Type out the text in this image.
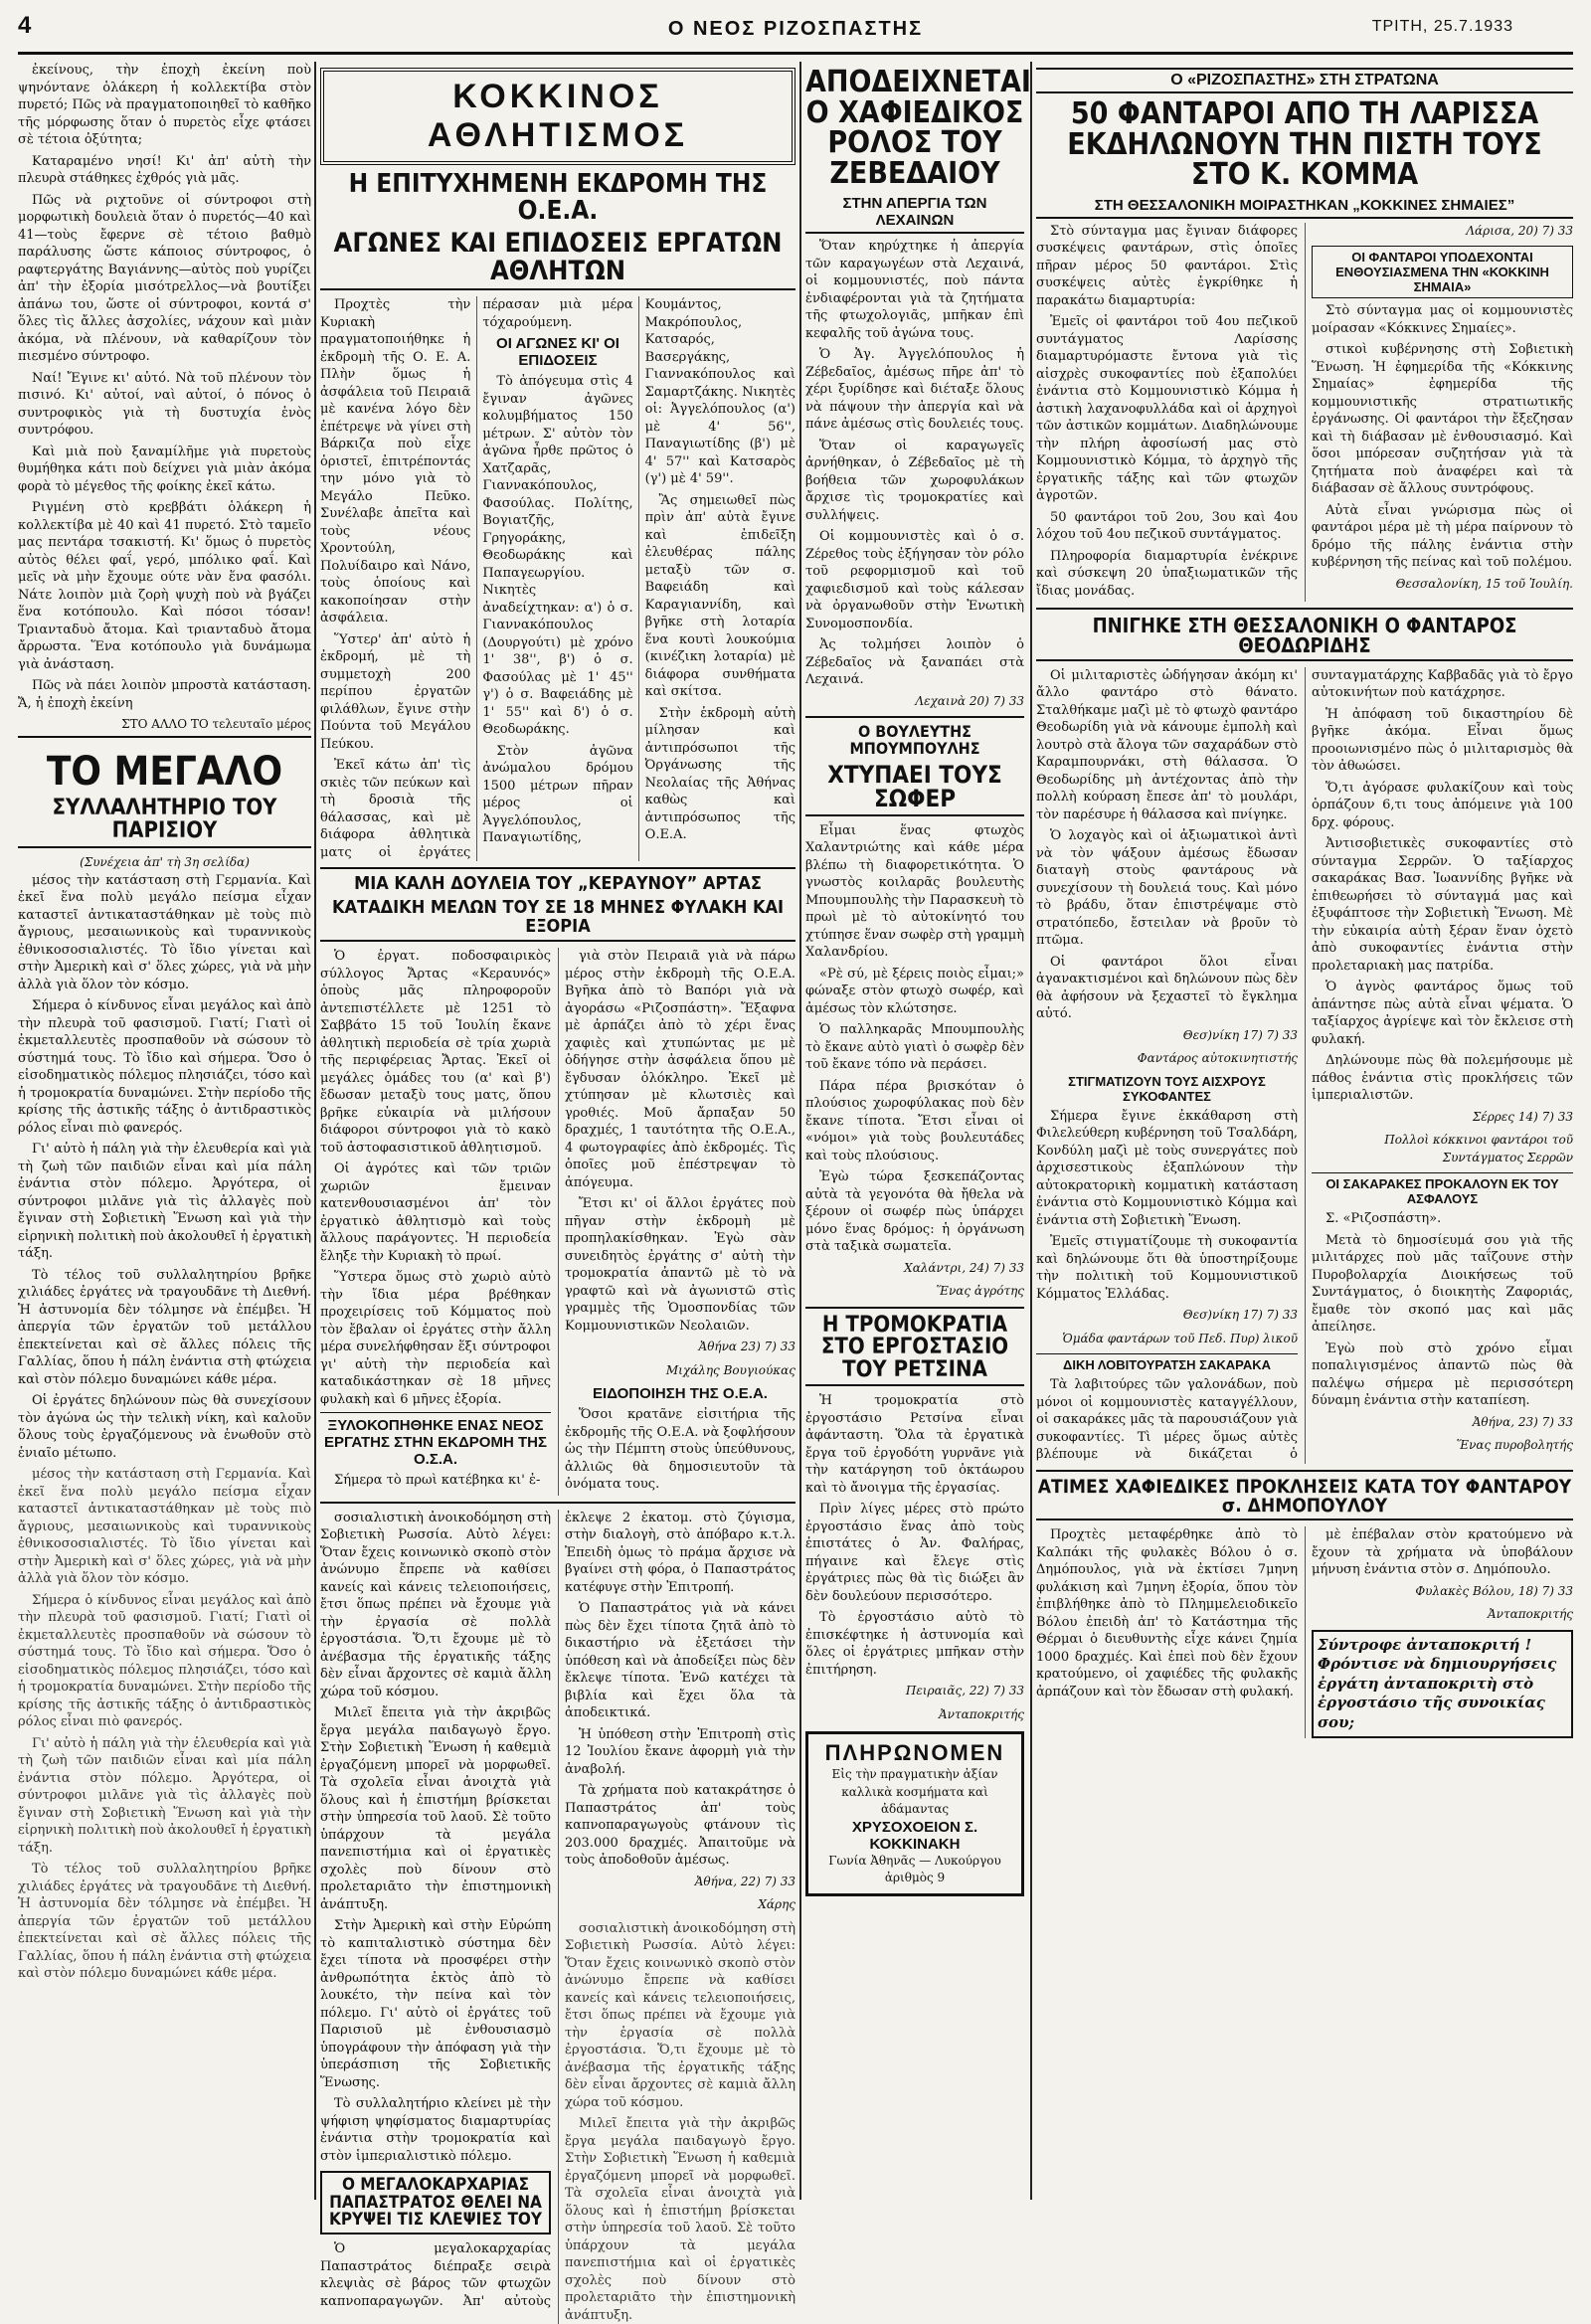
4	Ο ΝΕΟΣ ΡΙΖΟΣΠΑΣΤΗΣ	ΤΡΙΤΗ, 25.7.1933

ἐκείνους, τὴν ἐποχὴ ἐκείνη ποὺ ψηνόντανε ὁλάκερη ἡ κολλεκτίβα στὸν πυρετό; Πῶς νὰ πραγματοποιηθεῖ τὸ καθῆκο τῆς μόρφωσης ὅταν ὁ πυρετὸς εἶχε φτάσει σὲ τέτοια ὀξύτητα;

Καταραμένο νησί! Κι' ἀπ' αὐτὴ τὴν πλευρὰ στάθηκες ἐχθρός γιὰ μᾶς.

Πῶς νὰ ριχτοῦνε οἱ σύντροφοι στὴ μορφωτικὴ δουλειὰ ὅταν ὁ πυρετός—40 καὶ 41—τοὺς ἔφερνε σὲ τέτοιο βαθμὸ παράλυσης ὥστε κάποιος σύντροφος, ὁ ραφτεργάτης Βαγιάννης—αὐτὸς ποὺ γυρίζει ἀπ' τὴν ἐξορία μισότρελλος—νὰ βουτίξει ἀπάνω του, ὥστε οἱ σύντροφοι, κοντά σ' ὅλες τὶς ἄλλες ἀσχολίες, νάχουν καὶ μιὰν ἀκόμα, νὰ πλένουν, νὰ καθαρίζουν τὸν πιεσμένο σύντροφο.

Ναί! Ἔγινε κι' αὐτό. Νὰ τοῦ πλένουν τὸν πισινό. Κι' αὐτοί, ναὶ αὐτοί, ὁ πόνος ὁ συντροφικὸς γιὰ τὴ δυστυχία ἑνὸς συντρόφου.

Καὶ μιὰ ποὺ ξαναμίλῆμε γιὰ πυρετοὺς θυμήθηκα κάτι ποὺ δείχνει γιὰ μιὰν ἀκόμα φορὰ τὸ μέγεθος τῆς φοίκης ἐκεῖ κάτω.

Ριγμένη στὸ κρεββάτι ὁλάκερη ἡ κολλεκτίβα μὲ 40 καὶ 41 πυρετό. Στὸ ταμεῖο μας πεντάρα τσακιστή. Κι' ὅμως ὁ πυρετὸς αὐτὸς θέλει φαΐ, γερό, μπόλικο φαΐ. Καὶ μεῖς νὰ μὴν ἔχουμε ούτε νὰν ἕνα φασόλι. Νάτε λοιπὸν μιὰ ζορὴ ψυχὴ ποὺ νὰ βγάζει ἕνα κοτόπουλο. Καὶ πόσοι τόσαν! Τριανταδυὸ ἄτομα. Καὶ τριανταδυὸ ἄτομα ἄρρωστα. Ἕνα κοτόπουλο γιὰ δυνάμωμα γιὰ ἀνάσταση.

Πῶς νὰ πάει λοιπὸν μπροστὰ κατάσταση. Ἄ, ἡ ἐποχὴ ἐκείνη

ΣΤΟ ΑΛΛΟ ΤΟ τελευταῖο μέρος
ΤΟ ΜΕΓΑΛΟ
ΣΥΛΛΑΛΗΤΗΡΙΟ ΤΟΥ ΠΑΡΙΣΙΟΥ
(Συνέχεια ἀπ' τὴ 3η σελίδα)

μέσος τὴν κατάσταση στὴ Γερμανία. Καὶ ἐκεῖ ἕνα πολὺ μεγάλο πείσμα εἶχαν καταστεῖ ἀντικαταστάθηκαν μὲ τοὺς πιὸ ἄγριους, μεσαιωνικοὺς καὶ τυραννικοὺς ἐθνικοσοσιαλιστές. Τὸ ἴδιο γίνεται καὶ στὴν Ἀμερικὴ καὶ σ' ὅλες χώρες, γιὰ νὰ μὴν ἀλλὰ γιὰ ὅλον τὸν κόσμο.

Σήμερα ὁ κίνδυνος εἶναι μεγάλος καὶ ἀπὸ τὴν πλευρὰ τοῦ φασισμοῦ. Γιατί; Γιατὶ οἱ ἐκμεταλλευτὲς προσπαθοῦν νὰ σώσουν τὸ σύστημά τους. Τὸ ἴδιο καὶ σήμερα. Ὅσο ὁ εἰσοδηματικὸς πόλεμος πλησιάζει, τόσο καὶ ἡ τρομοκρατία δυναμώνει. Στὴν περίοδο τῆς κρίσης τῆς ἀστικῆς τάξης ὁ ἀντιδραστικὸς ρόλος εἶναι πιὸ φανερός.

Γι' αὐτὸ ἡ πάλη γιὰ τὴν ἐλευθερία καὶ γιὰ τὴ ζωὴ τῶν παιδιῶν εἶναι καὶ μία πάλη ἐνάντια στὸν πόλεμο. Ἀργότερα, οἱ σύντροφοι μιλᾶνε γιὰ τὶς ἀλλαγὲς ποὺ ἔγιναν στὴ Σοβιετικὴ Ἕνωση καὶ γιὰ τὴν εἰρηνικὴ πολιτικὴ ποὺ ἀκολουθεῖ ἡ ἐργατικὴ τάξη.

Τὸ τέλος τοῦ συλλαλητηρίου βρῆκε χιλιάδες ἐργάτες νὰ τραγουδᾶνε τὴ Διεθνή. Ἡ ἀστυνομία δὲν τόλμησε νὰ ἐπέμβει. Ἡ ἀπεργία τῶν ἐργατῶν τοῦ μετάλλου ἐπεκτείνεται καὶ σὲ ἄλλες πόλεις τῆς Γαλλίας, ὅπου ἡ πάλη ἐνάντια στὴ φτώχεια καὶ στὸν πόλεμο δυναμώνει κάθε μέρα.

Οἱ ἐργάτες δηλώνουν πὼς θὰ συνεχίσουν τὸν ἀγώνα ὡς τὴν τελικὴ νίκη, καὶ καλοῦν ὅλους τοὺς ἐργαζόμενους νὰ ἑνωθοῦν στὸ ἑνιαῖο μέτωπο.

μέσος τὴν κατάσταση στὴ Γερμανία. Καὶ ἐκεῖ ἕνα πολὺ μεγάλο πείσμα εἶχαν καταστεῖ ἀντικαταστάθηκαν μὲ τοὺς πιὸ ἄγριους, μεσαιωνικοὺς καὶ τυραννικοὺς ἐθνικοσοσιαλιστές. Τὸ ἴδιο γίνεται καὶ στὴν Ἀμερικὴ καὶ σ' ὅλες χώρες, γιὰ νὰ μὴν ἀλλὰ γιὰ ὅλον τὸν κόσμο.

Σήμερα ὁ κίνδυνος εἶναι μεγάλος καὶ ἀπὸ τὴν πλευρὰ τοῦ φασισμοῦ. Γιατί; Γιατὶ οἱ ἐκμεταλλευτὲς προσπαθοῦν νὰ σώσουν τὸ σύστημά τους. Τὸ ἴδιο καὶ σήμερα. Ὅσο ὁ εἰσοδηματικὸς πόλεμος πλησιάζει, τόσο καὶ ἡ τρομοκρατία δυναμώνει. Στὴν περίοδο τῆς κρίσης τῆς ἀστικῆς τάξης ὁ ἀντιδραστικὸς ρόλος εἶναι πιὸ φανερός.

Γι' αὐτὸ ἡ πάλη γιὰ τὴν ἐλευθερία καὶ γιὰ τὴ ζωὴ τῶν παιδιῶν εἶναι καὶ μία πάλη ἐνάντια στὸν πόλεμο. Ἀργότερα, οἱ σύντροφοι μιλᾶνε γιὰ τὶς ἀλλαγὲς ποὺ ἔγιναν στὴ Σοβιετικὴ Ἕνωση καὶ γιὰ τὴν εἰρηνικὴ πολιτικὴ ποὺ ἀκολουθεῖ ἡ ἐργατικὴ τάξη.

Τὸ τέλος τοῦ συλλαλητηρίου βρῆκε χιλιάδες ἐργάτες νὰ τραγουδᾶνε τὴ Διεθνή. Ἡ ἀστυνομία δὲν τόλμησε νὰ ἐπέμβει. Ἡ ἀπεργία τῶν ἐργατῶν τοῦ μετάλλου ἐπεκτείνεται καὶ σὲ ἄλλες πόλεις τῆς Γαλλίας, ὅπου ἡ πάλη ἐνάντια στὴ φτώχεια καὶ στὸν πόλεμο δυναμώνει κάθε μέρα.

ΚΟΚΚΙΝΟΣ
ΑΘΛΗΤΙΣΜΟΣ
Η ΕΠΙΤΥΧΗΜΕΝΗ ΕΚΔΡΟΜΗ ΤΗΣ Ο.Ε.Α.
ΑΓΩΝΕΣ ΚΑΙ ΕΠΙΔΟΣΕΙΣ ΕΡΓΑΤΩΝ ΑΘΛΗΤΩΝ

Προχτὲς τὴν Κυριακὴ πραγματοποιήθηκε ἡ ἐκδρομὴ τῆς Ο. Ε. Α. Πλὴν ὅμως ἡ ἀσφάλεια τοῦ Πειραιᾶ μὲ κανένα λόγο δὲν ἐπέτρεψε νὰ γίνει στὴ Βάρκιζα ποὺ εἶχε ὁριστεῖ, ἐπιτρέποντάς την μόνο γιὰ τὸ Μεγάλο Πεῦκο. Συνέλαβε ἀπεῖτα καὶ τοὺς νέους Χροντούλη, Πολυίδαιρο καὶ Νάνο, τοὺς ὁποίους καὶ κακοποίησαν στὴν ἀσφάλεια.

Ὕστερ' ἀπ' αὐτὸ ἡ ἐκδρομή, μὲ τὴ συμμετοχὴ 200 περίπου ἐργατῶν φιλάθλων, ἔγινε στὴν Πούντα τοῦ Μεγάλου Πεύκου.

Ἐκεῖ κάτω ἀπ' τὶς σκιὲς τῶν πεύκων καὶ τὴ δροσιὰ τῆς θάλασσας, καὶ μὲ διάφορα ἀθλητικὰ ματς οἱ ἐργάτες πέρασαν μιὰ μέρα τόχαρούμενη.

ΟΙ ΑΓΩΝΕΣ ΚΙ' ΟΙ ΕΠΙΔΟΣΕΙΣ

Τὸ ἀπόγευμα στὶς 4 ἔγιναν ἀγῶνες κολυμβήματος 150 μέτρων. Σ' αὐτὸν τὸν ἀγῶνα ἦρθε πρῶτος ὁ Χατζαρᾶς, Γιαννακόπουλος, Φασούλας. Πολίτης, Βογιατζῆς, Γρηγοράκης, Θεοδωράκης καὶ Παπαγεωργίου. Νικητὲς ἀναδείχτηκαν: α') ὁ σ. Γιαννακόπουλος (Δουργούτι) μὲ χρόνο 1' 38'', β') ὁ σ. Φασούλας μὲ 1' 45'' γ') ὁ σ. Βαφειάδης μὲ 1' 55'' καὶ δ') ὁ σ. Θεοδωράκης.

Στὸν ἀγῶνα ἀνώμαλου δρόμου 1500 μέτρων πῆραν μέρος οἱ Ἀγγελόπουλος, Παναγιωτίδης, Κουμάντος, Μακρόπουλος, Κατσαρός, Βασεργάκης, Γιαννακόπουλος καὶ Σαμαρτζάκης. Νικητὲς οἱ: Ἀγγελόπουλος (α') μὲ 4' 56'', Παναγιωτίδης (β') μὲ 4' 57'' καὶ Κατσαρὸς (γ') μὲ 4' 59''.

Ἂς σημειωθεῖ πὼς πρὶν ἀπ' αὐτὰ ἔγινε καὶ ἐπιδεῖξη ἐλευθέρας πάλης μεταξὺ τῶν σ. Βαφειάδη καὶ Καραγιαννίδη, καὶ βγῆκε στὴ λοταρία ἕνα κουτὶ λουκούμια (κινέζικη λοταρία) μὲ διάφορα συνθήματα καὶ σκίτσα.

Στὴν ἐκδρομὴ αὐτὴ μίλησαν καὶ ἀντιπρόσωποι τῆς Ὀργάνωσης τῆς Νεολαίας τῆς Ἀθήνας καθὼς καὶ ἀντιπρόσωπος τῆς Ο.Ε.Α.

ΜΙΑ ΚΑΛΗ ΔΟΥΛΕΙΑ ΤΟΥ „ΚΕΡΑΥΝΟΥ” ΑΡΤΑΣ
ΚΑΤΑΔΙΚΗ ΜΕΛΩΝ ΤΟΥ ΣΕ 18 ΜΗΝΕΣ ΦΥΛΑΚΗ ΚΑΙ ΕΞΟΡΙΑ

Ὁ ἐργατ. ποδοσφαιρικὸς σύλλογος Ἄρτας «Κεραυνός» ὁποὺς μᾶς πληροφοροῦν ἀντεπιστέλλετε μὲ 1251 τὸ Σαββάτο 15 τοῦ Ἰουλίη ἔκανε ἀθλητικὴ περιοδεία σὲ τρία χωριὰ τῆς περιφέρειας Ἄρτας. Ἐκεῖ οἱ μεγάλες ὁμάδες του (α' καὶ β') ἔδωσαν μεταξὺ τους ματς, ὅπου βρῆκε εὐκαιρία νὰ μιλήσουν διάφοροι σύντροφοι γιὰ τὸ κακὸ τοῦ ἀστοφασιστικοῦ ἀθλητισμοῦ.

Οἱ ἀγρότες καὶ τῶν τριῶν χωριῶν ἔμειναν κατενθουσιασμένοι ἀπ' τὸν ἐργατικὸ ἀθλητισμὸ καὶ τοὺς ἄλλους παράγοντες. Ἡ περιοδεία ἔληξε τὴν Κυριακὴ τὸ πρωί.

Ὕστερα ὅμως στὸ χωριὸ αὐτὸ τὴν ἴδια μέρα βρέθηκαν προχειρίσεις τοῦ Κόμματος ποὺ τὸν ἔβαλαν οἱ ἐργάτες στὴν ἄλλη μέρα συνελήφθησαν ἕξι σύντροφοι γι' αὐτὴ τὴν περιοδεία καὶ καταδικάστηκαν σὲ 18 μῆνες φυλακὴ καὶ 6 μῆνες ἐξορία.

ΞΥΛΟΚΟΠΗΘΗΚΕ ΕΝΑΣ ΝΕΟΣ ΕΡΓΑΤΗΣ ΣΤΗΝ ΕΚΔΡΟΜΗ ΤΗΣ Ο.Σ.Α.

Σήμερα τὸ πρωὶ κατέβηκα κι' ἐ-

γιὰ στὸν Πειραιᾶ γιὰ νὰ πάρω μέρος στὴν ἐκδρομὴ τῆς Ο.Ε.Α. Βγῆκα ἀπὸ τὸ Βαπόρι γιὰ νὰ ἀγοράσω «Ριζοσπάστη». Ἔξαφνα μὲ ἁρπάζει ἀπὸ τὸ χέρι ἕνας χαφιὲς καὶ χτυπώντας με μὲ ὁδήγησε στὴν ἀσφάλεια ὅπου μὲ ἔγδυσαν ὁλόκληρο. Ἐκεῖ μὲ χτύπησαν μὲ κλωτσιὲς καὶ γροθιές. Μοῦ ἄρπαξαν 50 δραχμές, 1 ταυτότητα τῆς Ο.Ε.Α., 4 φωτογραφίες ἀπὸ ἐκδρομές. Τὶς ὁποῖες μοῦ ἐπέστρεψαν τὸ ἀπόγευμα.

Ἔτσι κι' οἱ ἄλλοι ἐργάτες ποὺ πῆγαν στὴν ἐκδρομὴ μὲ προπηλακίσθηκαν. Ἐγὼ σὰν συνειδητὸς ἐργάτης σ' αὐτὴ τὴν τρομοκρατία ἀπαντῶ μὲ τὸ νὰ γραφτῶ καὶ νὰ ἀγωνιστῶ στὶς γραμμὲς τῆς Ὁμοσπονδίας τῶν Κομμουνιστικῶν Νεολαιῶν.

Ἀθήνα 23) 7) 33
Μιχάλης Βουγιούκας
ΕΙΔΟΠΟΙΗΣΗ ΤΗΣ Ο.Ε.Α.

Ὅσοι κρατᾶνε εἰσιτήρια τῆς ἐκδρομῆς τῆς Ο.Ε.Α. νὰ ξοφλήσουν ὡς τὴν Πέμπτη στοὺς ὑπεύθυνους, ἀλλιῶς θὰ δημοσιευτοῦν τὰ ὀνόματα τους.

σοσιαλιστικὴ ἀνοικοδόμηση στὴ Σοβιετικὴ Ρωσσία. Αὐτὸ λέγει: Ὅταν ἔχεις κοινωνικὸ σκοπὸ στὸν ἀνώνυμο ἔπρεπε νὰ καθίσει κανείς καὶ κάνεις τελειοποιήσεις, ἔτσι ὅπως πρέπει νὰ ἔχουμε γιὰ τὴν ἐργασία σὲ πολλὰ ἐργοστάσια. Ὅ,τι ἔχουμε μὲ τὸ ἀνέβασμα τῆς ἐργατικῆς τάξης δὲν εἶναι ἄρχοντες σὲ καμιὰ ἄλλη χώρα τοῦ κόσμου.

Μιλεῖ ἔπειτα γιὰ τὴν ἀκριβῶς ἔργα μεγάλα παιδαγωγὸ ἔργο. Στὴν Σοβιετικὴ Ἕνωση ἡ καθεμιὰ ἐργαζόμενη μπορεῖ νὰ μορφωθεῖ. Τὰ σχολεῖα εἶναι ἀνοιχτὰ γιὰ ὅλους καὶ ἡ ἐπιστήμη βρίσκεται στὴν ὑπηρεσία τοῦ λαοῦ. Σὲ τοῦτο ὑπάρχουν τὰ μεγάλα πανεπιστήμια καὶ οἱ ἐργατικὲς σχολὲς ποὺ δίνουν στὸ προλεταριᾶτο τὴν ἐπιστημονικὴ ἀνάπτυξη.

Στὴν Ἀμερικὴ καὶ στὴν Εὐρώπη τὸ καπιταλιστικὸ σύστημα δὲν ἔχει τίποτα νὰ προσφέρει στὴν ἀνθρωπότητα ἐκτὸς ἀπὸ τὸ λουκέτο, τὴν πείνα καὶ τὸν πόλεμο. Γι' αὐτὸ οἱ ἐργάτες τοῦ Παρισιοῦ μὲ ἐνθουσιασμὸ ὑπογράφουν τὴν ἀπόφαση γιὰ τὴν ὑπεράσπιση τῆς Σοβιετικῆς Ἕνωσης.

Τὸ συλλαλητήριο κλείνει μὲ τὴν ψήφιση ψηφίσματος διαμαρτυρίας ἐνάντια στὴν τρομοκρατία καὶ στὸν ἱμπεριαλιστικὸ πόλεμο.

Ο ΜΕΓΑΛΟΚΑΡΧΑΡΙΑΣ ΠΑΠΑΣΤΡΑΤΟΣ ΘΕΛΕΙ ΝΑ ΚΡΥΨΕΙ ΤΙΣ ΚΛΕΨΙΕΣ ΤΟΥ

Ὁ μεγαλοκαρχαρίας Παπαστράτος διέπραξε σειρὰ κλεψιὰς σὲ βάρος τῶν φτωχῶν καπνοπαραγωγῶν. Ἀπ' αὐτοὺς ἐκλεψε 2 ἐκατομ. στὸ ζύγισμα, στὴν διαλογὴ, στὸ ἀπόβαρο κ.τ.λ. Ἐπειδὴ ὁμως τὸ πράμα ἄρχισε νὰ βγαίνει στὴ φόρα, ὁ Παπαστράτος κατέφυγε στὴν Ἐπιτροπή.

Ὁ Παπαστράτος γιὰ νὰ κάνει πὼς δὲν ἔχει τίποτα ζητᾶ ἀπὸ τὸ δικαστήριο νὰ ἐξετάσει τὴν ὑπόθεση καὶ νὰ ἀποδείξει πὼς δὲν ἔκλεψε τίποτα. Ἐνῶ κατέχει τὰ βιβλία καὶ ἔχει ὅλα τὰ ἀποδεικτικά.

Ἡ ὑπόθεση στὴν Ἐπιτροπὴ στὶς 12 Ἰουλίου ἔκανε ἀφορμὴ γιὰ τὴν ἀναβολή.

Τὰ χρήματα ποὺ κατακράτησε ὁ Παπαστράτος ἀπ' τοὺς καπνοπαραγωγοὺς φτάνουν τὶς 203.000 δραχμές. Ἀπαιτοῦμε νὰ τοὺς ἀποδοθοῦν ἀμέσως.

Ἀθήνα, 22) 7) 33
Χάρης

σοσιαλιστικὴ ἀνοικοδόμηση στὴ Σοβιετικὴ Ρωσσία. Αὐτὸ λέγει: Ὅταν ἔχεις κοινωνικὸ σκοπὸ στὸν ἀνώνυμο ἔπρεπε νὰ καθίσει κανείς καὶ κάνεις τελειοποιήσεις, ἔτσι ὅπως πρέπει νὰ ἔχουμε γιὰ τὴν ἐργασία σὲ πολλὰ ἐργοστάσια. Ὅ,τι ἔχουμε μὲ τὸ ἀνέβασμα τῆς ἐργατικῆς τάξης δὲν εἶναι ἄρχοντες σὲ καμιὰ ἄλλη χώρα τοῦ κόσμου.

Μιλεῖ ἔπειτα γιὰ τὴν ἀκριβῶς ἔργα μεγάλα παιδαγωγὸ ἔργο. Στὴν Σοβιετικὴ Ἕνωση ἡ καθεμιὰ ἐργαζόμενη μπορεῖ νὰ μορφωθεῖ. Τὰ σχολεῖα εἶναι ἀνοιχτὰ γιὰ ὅλους καὶ ἡ ἐπιστήμη βρίσκεται στὴν ὑπηρεσία τοῦ λαοῦ. Σὲ τοῦτο ὑπάρχουν τὰ μεγάλα πανεπιστήμια καὶ οἱ ἐργατικὲς σχολὲς ποὺ δίνουν στὸ προλεταριᾶτο τὴν ἐπιστημονικὴ ἀνάπτυξη.

ΑΠΟΔΕΙΧΝΕΤΑΙ Ο ΧΑΦΙΕΔΙΚΟΣ ΡΟΛΟΣ ΤΟΥ ΖΕΒΕΔΑΙΟΥ
ΣΤΗΝ ΑΠΕΡΓΙΑ ΤΩΝ ΛΕΧΑΙΝΩΝ

Ὅταν κηρύχτηκε ἡ ἀπεργία τῶν καραγωγέων στὰ Λεχαινά, οἱ κομμουνιστές, ποὺ πάντα ἐνδιαφέρονται γιὰ τὰ ζητήματα τῆς φτωχολογιᾶς, μπῆκαν ἐπὶ κεφαλῆς τοῦ ἀγώνα τους.

Ὁ Ἀγ. Ἀγγελόπουλος ἡ Ζέβεδαῖος, ἀμέσως πῆρε ἀπ' τὸ χέρι ξυρίδησε καὶ διέταξε ὅλους νὰ πάψουν τὴν ἀπεργία καὶ νὰ πάνε ἀμέσως στὶς δουλειές τους.

Ὅταν οἱ καραγωγεῖς ἀρνήθηκαν, ὁ Ζέβεδαῖος μὲ τὴ βοήθεια τῶν χωροφυλάκων ἄρχισε τὶς τρομοκρατίες καὶ συλλήψεις.

Οἱ κομμουνιστὲς καὶ ὁ σ. Ζέρεθος τοὺς ἐξήγησαν τὸν ρόλο τοῦ ρεφορμισμοῦ καὶ τοῦ χαφιεδισμοῦ καὶ τοὺς κάλεσαν νὰ ὀργανωθοῦν στὴν Ἑνωτικὴ Συνομοσπονδία.

Ἀς τολμήσει λοιπὸν ὁ Ζέβεδαῖος νὰ ξαναπάει στὰ Λεχαινά.

Λεχαινὰ 20) 7) 33
Ο ΒΟΥΛΕΥΤΗΣ ΜΠΟΥΜΠΟΥΛΗΣ
ΧΤΥΠΑΕΙ ΤΟΥΣ ΣΩΦΕΡ

Εἶμαι ἕνας φτωχὸς Χαλαντριώτης καὶ κάθε μέρα βλέπω τὴ διαφορετικότητα. Ὁ γνωστὸς κοιλαρᾶς βουλευτὴς Μπουμπουλὴς τὴν Παρασκευὴ τὸ πρωὶ μὲ τὸ αὐτοκίνητό του χτύπησε ἕναν σωφὲρ στὴ γραμμὴ Χαλανδρίου.

«Ρὲ σύ, μὲ ξέρεις ποιὸς εἶμαι;» φώναξε στὸν φτωχὸ σωφέρ, καὶ ἀμέσως τὸν κλώτσησε.

Ὁ παλληκαρᾶς Μπουμπουλὴς τὸ ἔκανε αὐτὸ γιατὶ ὁ σωφὲρ δὲν τοῦ ἔκανε τόπο νὰ περάσει.

Πάρα πέρα βρισκόταν ὁ πλούσιος χωροφύλακας ποὺ δὲν ἔκανε τίποτα. Ἔτσι εἶναι οἱ «νόμοι» γιὰ τοὺς βουλευτάδες καὶ τοὺς πλούσιους.

Ἐγὼ τώρα ξεσκεπάζοντας αὐτὰ τὰ γεγονότα θὰ ἤθελα νὰ ξέρουν οἱ σωφέρ πὼς ὑπάρχει μόνο ἕνας δρόμος: ἡ ὀργάνωση στὰ ταξικὰ σωματεῖα.

Χαλάντρι, 24) 7) 33
Ἕνας ἀγρότης
Η ΤΡΟΜΟΚΡΑΤΙΑ ΣΤΟ ΕΡΓΟΣΤΑΣΙΟ ΤΟΥ ΡΕΤΣΙΝΑ

Ἡ τρομοκρατία στὸ ἐργοστάσιο Ρετσίνα εἶναι ἀφάνταστη. Ὅλα τὰ ἐργατικὰ ἔργα τοῦ ἐργοδότη γυρνᾶνε γιὰ τὴν κατάργηση τοῦ ὀκτάωρου καὶ τὸ ἄνοιγμα τῆς ἐργασίας.

Πρὶν λίγες μέρες στὸ πρώτο ἐργοστάσιο ἕνας ἀπὸ τοὺς ἐπιστάτες ὁ Ἀν. Φαλήρας, πήγαινε καὶ ἔλεγε στὶς ἐργάτριες πὼς θὰ τὶς διώξει ἂν δὲν δουλεύουν περισσότερο.

Τὸ ἐργοστάσιο αὐτὸ τὸ ἐπισκέφτηκε ἡ ἀστυνομία καὶ ὅλες οἱ ἐργάτριες μπῆκαν στὴν ἐπιτήρηση.

Πειραιᾶς, 22) 7) 33
Ἀνταποκριτής
ΠΛΗΡΩΝΟΜΕΝ
Εἰς τὴν πραγματικὴν ἀξίαν καλλικὰ κοσμήματα καὶ ἀδάμαντας
ΧΡΥΣΟΧΟΕΙΟΝ Σ. ΚΟΚΚΙΝΑΚΗ
Γωνία Ἀθηνᾶς — Λυκούργου ἀριθμὸς 9
Ο «ΡΙΖΟΣΠΑΣΤΗΣ» ΣΤΗ ΣΤΡΑΤΩΝΑ
50 ΦΑΝΤΑΡΟΙ ΑΠΟ ΤΗ ΛΑΡΙΣΣΑ ΕΚΔΗΛΩΝΟΥΝ ΤΗΝ ΠΙΣΤΗ ΤΟΥΣ ΣΤΟ Κ. ΚΟΜΜΑ
ΣΤΗ ΘΕΣΣΑΛΟΝΙΚΗ ΜΟΙΡΑΣΤΗΚΑΝ „ΚΟΚΚΙΝΕΣ ΣΗΜΑΙΕΣ”

Στὸ σύνταγμα μας ἔγιναν διάφορες συσκέψεις φαντάρων, στὶς ὁποῖες πῆραν μέρος 50 φαντάροι. Στὶς συσκέψεις αὐτὲς ἐγκρίθηκε ἡ παρακάτω διαμαρτυρία:

Ἐμεῖς οἱ φαντάροι τοῦ 4ου πεζικοῦ συντάγματος Λαρίσσης διαμαρτυρόμαστε ἔντονα γιὰ τὶς αἰσχρὲς συκοφαντίες ποὺ ἐξαπολύει ἐνάντια στὸ Κομμουνιστικὸ Κόμμα ἡ ἀστικὴ λαχανοφυλλάδα καὶ οἱ ἀρχηγοὶ τῶν ἀστικῶν κομμάτων. Διαδηλώνουμε τὴν πλήρη ἀφοσίωσή μας στὸ Κομμουνιστικὸ Κόμμα, τὸ ἀρχηγὸ τῆς ἐργατικῆς τάξης καὶ τῶν φτωχῶν ἀγροτῶν.

50 φαντάροι τοῦ 2ου, 3ου καὶ 4ου λόχου τοῦ 4ου πεζικοῦ συντάγματος.

Πληροφορία διαμαρτυρία ἐνέκρινε καὶ σύσκεψη 20 ὑπαξιωματικῶν τῆς ἴδιας μονάδας.

Λάρισα, 20) 7) 33
ΟΙ ΦΑΝΤΑΡΟΙ ΥΠΟΔΕΧΟΝΤΑΙ ΕΝΘΟΥΣΙΑΣΜΕΝΑ ΤΗΝ «ΚΟΚΚΙΝΗ ΣΗΜΑΙΑ»

Στὸ σύνταγμα μας οἱ κομμουνιστὲς μοίρασαν «Κόκκινες Σημαίες».

στικοὶ κυβέρνησης στὴ Σοβιετικὴ Ἕνωση. Ἡ ἐφημερίδα τῆς «Κόκκινης Σημαίας» ἐφημερίδα τῆς κομμουνιστικῆς στρατιωτικῆς ἐργάνωσης. Οἱ φαντάροι τὴν ἔξεζησαν καὶ τὴ διάβασαν μὲ ἐνθουσιασμό. Καὶ ὅσοι μπόρεσαν συζητήσαν γιὰ τὰ ζητήματα ποὺ ἀναφέρει καὶ τὰ διάβασαν σὲ ἄλλους συντρόφους.

Αὐτὰ εἶναι γνώρισμα πὼς οἱ φαντάροι μέρα μὲ τὴ μέρα παίρνουν τὸ δρόμο τῆς πάλης ἐνάντια στὴν κυβέρνηση τῆς πείνας καὶ τοῦ πολέμου.

Θεσσαλονίκη, 15 τοῦ Ἰουλίη.
ΠΝΙΓΗΚΕ ΣΤΗ ΘΕΣΣΑΛΟΝΙΚΗ Ο ΦΑΝΤΑΡΟΣ ΘΕΟΔΩΡΙΔΗΣ

Οἱ μιλιταριστὲς ὡδήγησαν ἀκόμη κι' ἄλλο φαντάρο στὸ θάνατο. Σταλθήκαμε μαζὶ μὲ τὸ φτωχὸ φαντάρο Θεοδωρίδη γιὰ νὰ κάνουμε ἐμπολὴ καὶ λουτρὸ στὰ ἄλογα τῶν σαχαράδων στὸ Καραμπουρνάκι, στὴ θάλασσα. Ὁ Θεοδωρίδης μὴ ἀντέχοντας ἀπὸ τὴν πολλὴ κούραση ἔπεσε ἀπ' τὸ μουλάρι, τὸν παρέσυρε ἡ θάλασσα καὶ πνίγηκε.

Ὁ λοχαγὸς καὶ οἱ ἀξιωματικοὶ ἀντὶ νὰ τὸν ψάξουν ἀμέσως ἔδωσαν διαταγὴ στοὺς φαντάρους νὰ συνεχίσουν τὴ δουλειά τους. Καὶ μόνο τὸ βράδυ, ὅταν ἐπιστρέψαμε στὸ στρατόπεδο, ἔστειλαν νὰ βροῦν τὸ πτῶμα.

Οἱ φαντάροι ὅλοι εἶναι ἀγανακτισμένοι καὶ δηλώνουν πὼς δὲν θὰ ἀφήσουν νὰ ξεχαστεῖ τὸ ἔγκλημα αὐτό.

Θεσ)νίκη 17) 7) 33
Φαντάρος αὐτοκινητιστής
ΣΤΙΓΜΑΤΙΖΟΥΝ ΤΟΥΣ ΑΙΣΧΡΟΥΣ ΣΥΚΟΦΑΝΤΕΣ

Σήμερα ἔγινε ἐκκάθαρση στὴ Φιλελεύθερη κυβέρνηση τοῦ Τσαλδάρη, Κονδύλη μαζὶ μὲ τοὺς συνεργάτες ποὺ ἀρχισεστικοὺς ἐξαπλώνουν τὴν αὐτοκρατορικὴ κομματικὴ κατάσταση ἐνάντια στὸ Κομμουνιστικὸ Κόμμα καὶ ἐνάντια στὴ Σοβιετικὴ Ἕνωση.

Ἐμεῖς στιγματίζουμε τὴ συκοφαντία καὶ δηλώνουμε ὅτι θὰ ὑποστηρίξουμε τὴν πολιτικὴ τοῦ Κομμουνιστικοῦ Κόμματος Ἑλλάδας.

Θεσ)νίκη 17) 7) 33
Ὁμάδα φαντάρων τοῦ Πεδ. Πυρ) λικοῦ
ΔΙΚΗ ΛΟΒΙΤΟΥΡΑΤΣΗ ΣΑΚΑΡΑΚΑ

Τὰ λαβιτούρες τῶν γαλονάδων, ποὺ μόνοι οἱ κομμουνιστὲς καταγγέλλουν, οἱ σακαράκες μᾶς τὰ παρουσιάζουν γιὰ συκοφαντίες. Τὶ μέρες ὅμως αὐτὲς βλέπουμε νὰ δικάζεται ὁ συνταγματάρχης Καββαδᾶς γιὰ τὸ ἔργο αὐτοκινήτων ποὺ κατάχρησε.

Ἡ ἀπόφαση τοῦ δικαστηρίου δὲ βγῆκε ἀκόμα. Εἶναι ὅμως προοιωνισμένο πὼς ὁ μιλιταρισμὸς θὰ τὸν ἀθωώσει.

Ὅ,τι ἀγόρασε φυλακίζουν καὶ τοὺς ὁρπάζουν 6,τι τους ἀπόμεινε γιὰ 100 δρχ. φόρους.

Ἀντισοβιετικὲς συκοφαντίες στὸ σύνταγμα Σερρῶν. Ὁ ταξίαρχος σακαράκας Βασ. Ἰωαννίδης βγῆκε νὰ ἐπιθεωρήσει τὸ σύνταγμά μας καὶ ἐξυφάπτοσε τὴν Σοβιετικὴ Ἕνωση. Μὲ τὴν εὐκαιρία αὐτὴ ξέραν ἕναν ὀχετὸ ἀπὸ συκοφαντίες ἐνάντια στὴν προλεταριακὴ μας πατρίδα.

Ὁ ἀγνὸς φαντάρος ὅμως τοῦ ἀπάντησε πὼς αὐτὰ εἶναι ψέματα. Ὁ ταξίαρχος ἀγρίεψε καὶ τὸν ἔκλεισε στὴ φυλακή.

Δηλώνουμε πὼς θὰ πολεμήσουμε μὲ πάθος ἐνάντια στὶς προκλήσεις τῶν ἱμπεριαλιστῶν.

Σέρρες 14) 7) 33
Πολλοὶ κόκκινοι φαντάροι τοῦ Συντάγματος Σερρῶν
ΟΙ ΣΑΚΑΡΑΚΕΣ ΠΡΟΚΑΛΟΥΝ ΕΚ ΤΟΥ ΑΣΦΑΛΟΥΣ

Σ. «Ριζοσπάστη».

Μετὰ τὸ δημοσίευμά σου γιὰ τῆς μιλιτάρχες ποὺ μᾶς ταΐζουνε στὴν Πυροβολαρχία Διοικήσεως τοῦ Συντάγματος, ὁ διοικητὴς Ζαφοριάς, ἔμαθε τὸν σκοπό μας καὶ μᾶς ἀπείλησε.

Ἐγὼ ποὺ στὸ χρόνο εἶμαι ποπαλιγισμένος ἀπαντῶ πὼς θὰ παλέψω σήμερα μὲ περισσότερη δύναμη ἐνάντια στὴν καταπίεση.

Ἀθήνα, 23) 7) 33
Ἕνας πυροβολητής
ΑΤΙΜΕΣ ΧΑΦΙΕΔΙΚΕΣ ΠΡΟΚΛΗΣΕΙΣ ΚΑΤΑ ΤΟΥ ΦΑΝΤΑΡΟΥ σ. ΔΗΜΟΠΟΥΛΟΥ

Προχτὲς μεταφέρθηκε ἀπὸ τὸ Καλπάκι τῆς φυλακὲς Βόλου ὁ σ. Δημόπουλος, γιὰ νὰ ἐκτίσει 7μηνη φυλάκιση καὶ 7μηνη ἐξορία, ὅπου τὸν ἐπιβλήθηκε ἀπὸ τὸ Πλημμελειοδικεῖο Βόλου ἐπειδὴ ἀπ' τὸ Κατάστημα τῆς Θέρμαι ὁ διευθυντὴς εἶχε κάνει ζημία 1000 δραχμές. Καὶ ἐπεὶ ποὺ δὲν ἔχουν κρατούμενο, οἱ χαφιέδες τῆς φυλακῆς ἀρπάζουν καὶ τὸν ἔδωσαν στὴ φυλακή.

μὲ ἐπέβαλαν στὸν κρατούμενο νὰ ἔχουν τὰ χρήματα νὰ ὑποβάλουν μήνυση ἐνάντια στὸν σ. Δημόπουλο.

Φυλακὲς Βόλου, 18) 7) 33
Ἀνταποκριτής
Σύντροφε ἀνταποκριτή ! Φρόντισε νὰ δημιουργήσεις ἐργάτη ἀνταποκριτὴ στὸ ἐργοστάσιο τῆς συνοικίας σου;
